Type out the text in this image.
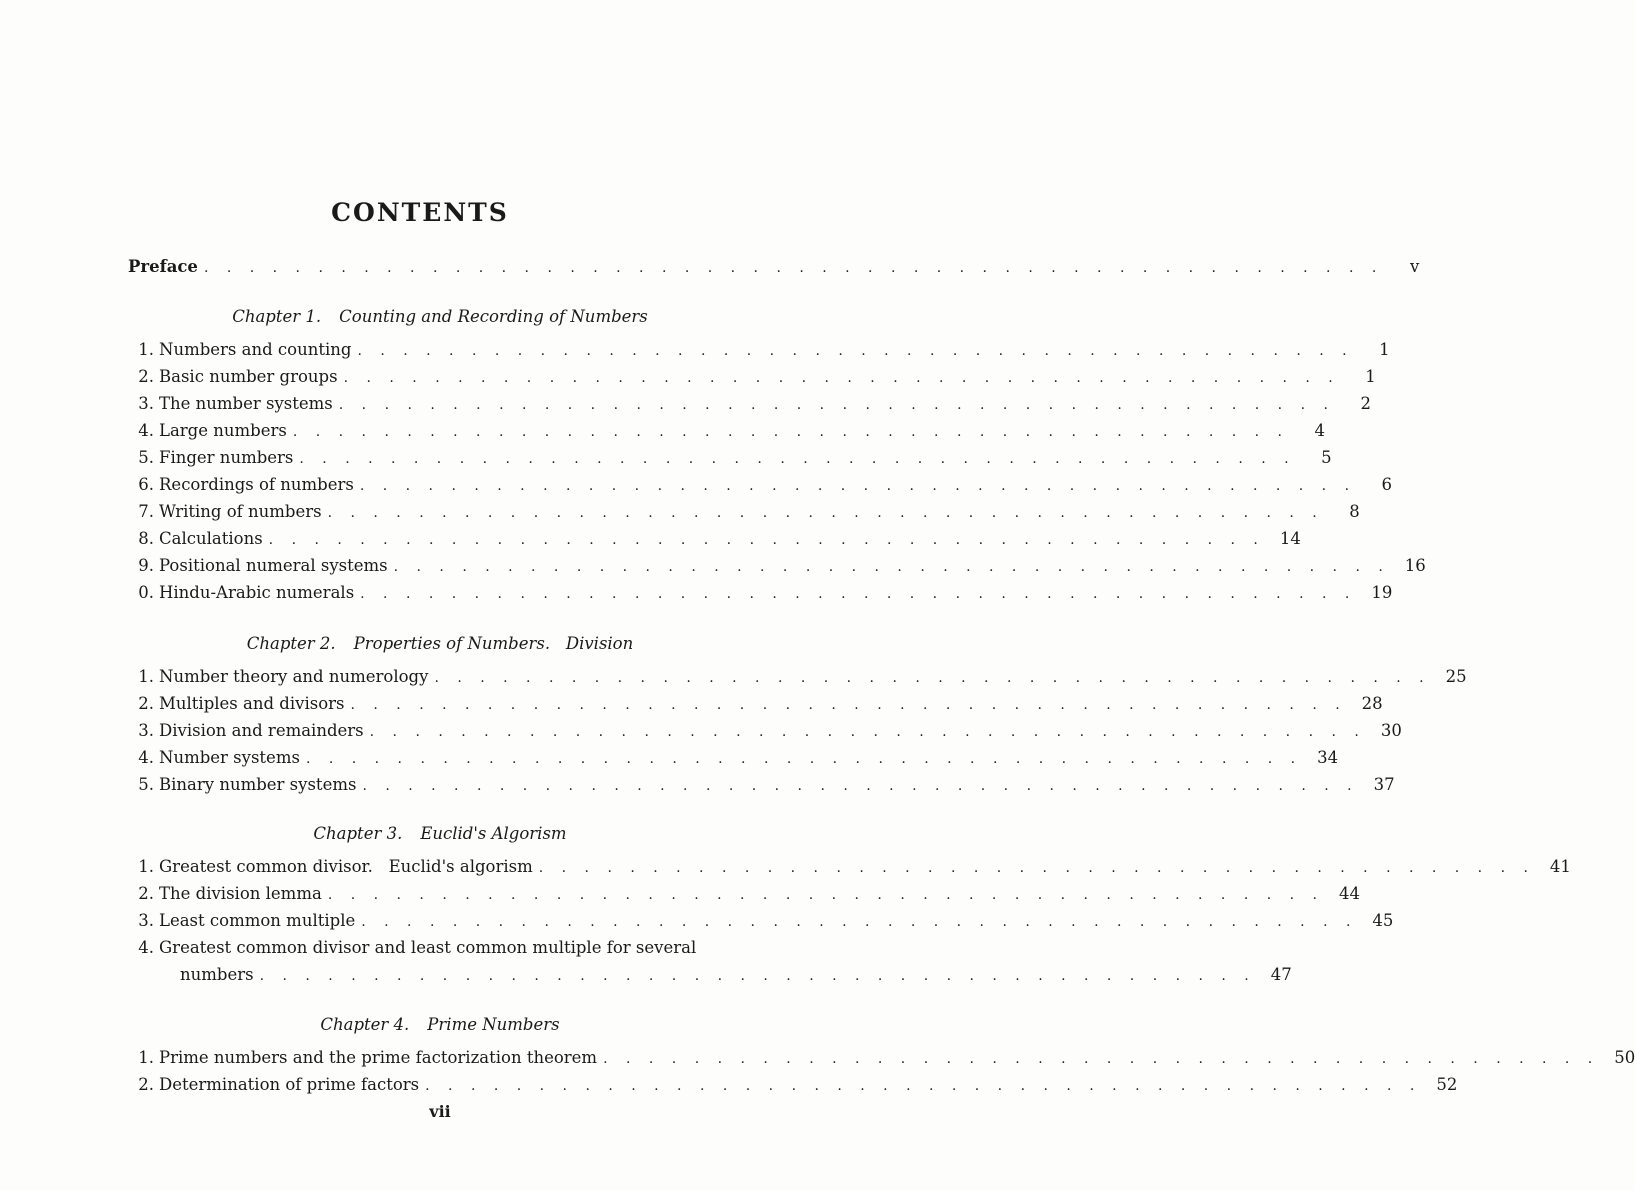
CONTENTS
Preface . . . . . . . . . . . . . . . . . . . . . . . . . . . . . . . . . . . . . . . . . . . . . . . . . . . .	v
Chapter 1. Counting and Recording of Numbers
1. Numbers and counting . . . . . . . . . . . . . . . . . . . . . . . . . . . . . . . . . . . . . . . . . . . .	1
2. Basic number groups . . . . . . . . . . . . . . . . . . . . . . . . . . . . . . . . . . . . . . . . . . . .	1
3. The number systems . . . . . . . . . . . . . . . . . . . . . . . . . . . . . . . . . . . . . . . . . . . .	2
4. Large numbers . . . . . . . . . . . . . . . . . . . . . . . . . . . . . . . . . . . . . . . . . . . .	4
5. Finger numbers . . . . . . . . . . . . . . . . . . . . . . . . . . . . . . . . . . . . . . . . . . . .	5
6. Recordings of numbers . . . . . . . . . . . . . . . . . . . . . . . . . . . . . . . . . . . . . . . . . . . .	6
7. Writing of numbers . . . . . . . . . . . . . . . . . . . . . . . . . . . . . . . . . . . . . . . . . . . .	8
8. Calculations . . . . . . . . . . . . . . . . . . . . . . . . . . . . . . . . . . . . . . . . . . . . 14
9. Positional numeral systems . . . . . . . . . . . . . . . . . . . . . . . . . . . . . . . . . . . . . . . . . . . . 16
0. Hindu-Arabic numerals . . . . . . . . . . . . . . . . . . . . . . . . . . . . . . . . . . . . . . . . . . . . 19
Chapter 2. Properties of Numbers.   Division
1. Number theory and numerology . . . . . . . . . . . . . . . . . . . . . . . . . . . . . . . . . . . . . . . . . . . . 25
2. Multiples and divisors . . . . . . . . . . . . . . . . . . . . . . . . . . . . . . . . . . . . . . . . . . . . 28
3. Division and remainders . . . . . . . . . . . . . . . . . . . . . . . . . . . . . . . . . . . . . . . . . . . . 30
4. Number systems . . . . . . . . . . . . . . . . . . . . . . . . . . . . . . . . . . . . . . . . . . . . 34
5. Binary number systems . . . . . . . . . . . . . . . . . . . . . . . . . . . . . . . . . . . . . . . . . . . . 37
Chapter 3. Euclid's Algorism
1. Greatest common divisor.   Euclid's algorism . . . . . . . . . . . . . . . . . . . . . . . . . . . . . . . . . . . . . . . . . . . . 41
2. The division lemma . . . . . . . . . . . . . . . . . . . . . . . . . . . . . . . . . . . . . . . . . . . . 44
3. Least common multiple . . . . . . . . . . . . . . . . . . . . . . . . . . . . . . . . . . . . . . . . . . . . 45
4. Greatest common divisor and least common multiple for several
numbers . . . . . . . . . . . . . . . . . . . . . . . . . . . . . . . . . . . . . . . . . . . . 47
Chapter 4. Prime Numbers
1. Prime numbers and the prime factorization theorem . . . . . . . . . . . . . . . . . . . . . . . . . . . . . . . . . . . . . . . . . . . . 50
2. Determination of prime factors . . . . . . . . . . . . . . . . . . . . . . . . . . . . . . . . . . . . . . . . . . . . 52
vii
